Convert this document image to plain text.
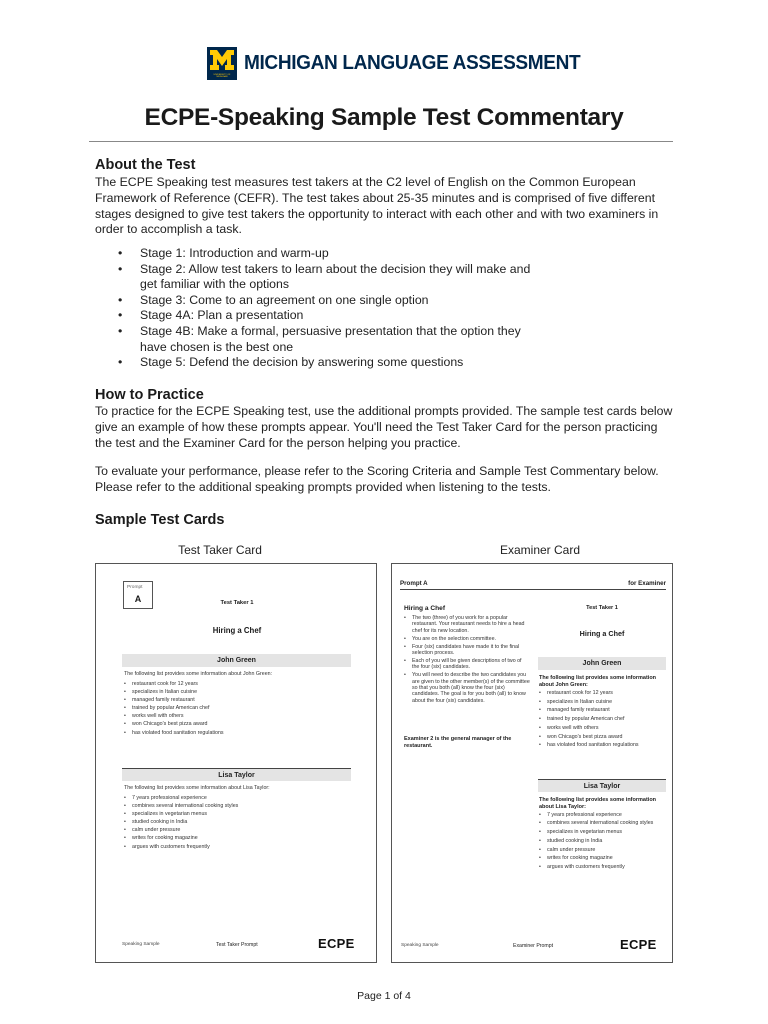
UNIVERSITY OF MICHIGAN
MICHIGAN LANGUAGE ASSESSMENT
ECPE-Speaking Sample Test Commentary
About the Test
The ECPE Speaking test measures test takers at the C2 level of English on the Common European Framework of Reference (CEFR). The test takes about 25-35 minutes and is comprised of five different stages designed to give test takers the opportunity to interact with each other and with two examiners in order to accomplish a task.
• Stage 1: Introduction and warm-up
• Stage 2: Allow test takers to learn about the decision they will make and get familiar with the options
• Stage 3: Come to an agreement on one single option
• Stage 4A: Plan a presentation
• Stage 4B: Make a formal, persuasive presentation that the option they have chosen is the best one
• Stage 5: Defend the decision by answering some questions
How to Practice
To practice for the ECPE Speaking test, use the additional prompts provided. The sample test cards below give an example of how these prompts appear. You'll need the Test Taker Card for the person practicing the test and the Examiner Card for the person helping you practice.
To evaluate your performance, please refer to the Scoring Criteria and Sample Test Commentary below. Please refer to the additional speaking prompts provided when listening to the tests.
Sample Test Cards
Test Taker Card	Examiner Card
Prompt
A	Test Taker 1
Hiring a Chef
John Green
The following list provides some information about John Green:
• restaurant cook for 12 years
• specializes in Italian cuisine
• managed family restaurant
• trained by popular American chef
• works well with others
• won Chicago's best pizza award
• has violated food sanitation regulations
Lisa Taylor
The following list provides some information about Lisa Taylor:
• 7 years professional experience
• combines several international cooking styles
• specializes in vegetarian menus
• studied cooking in India
• calm under pressure
• writes for cooking magazine
• argues with customers frequently
Speaking Sample	Test Taker Prompt	ECPE
Prompt A	for Examiner
Hiring a Chef
• The two (three) of you work for a popular restaurant. Your restaurant needs to hire a head chef for its new location.
• You are on the selection committee.
• Four (six) candidates have made it to the final selection process.
• Each of you will be given descriptions of two of the four (six) candidates.
• You will need to describe the two candidates you are given to the other member(s) of the committee so that you both (all) know the four (six) candidates. The goal is for you both (all) to know about the four (six) candidates.
Examiner 2 is the general manager of the restaurant.
Test Taker 1
Hiring a Chef
John Green
The following list provides some information about John Green:
• restaurant cook for 12 years
• specializes in Italian cuisine
• managed family restaurant
• trained by popular American chef
• works well with others
• won Chicago's best pizza award
• has violated food sanitation regulations
Lisa Taylor
The following list provides some information about Lisa Taylor:
• 7 years professional experience
• combines several international cooking styles
• specializes in vegetarian menus
• studied cooking in India
• calm under pressure
• writes for cooking magazine
• argues with customers frequently
Speaking Sample	Examiner Prompt	ECPE
Page 1 of 4
